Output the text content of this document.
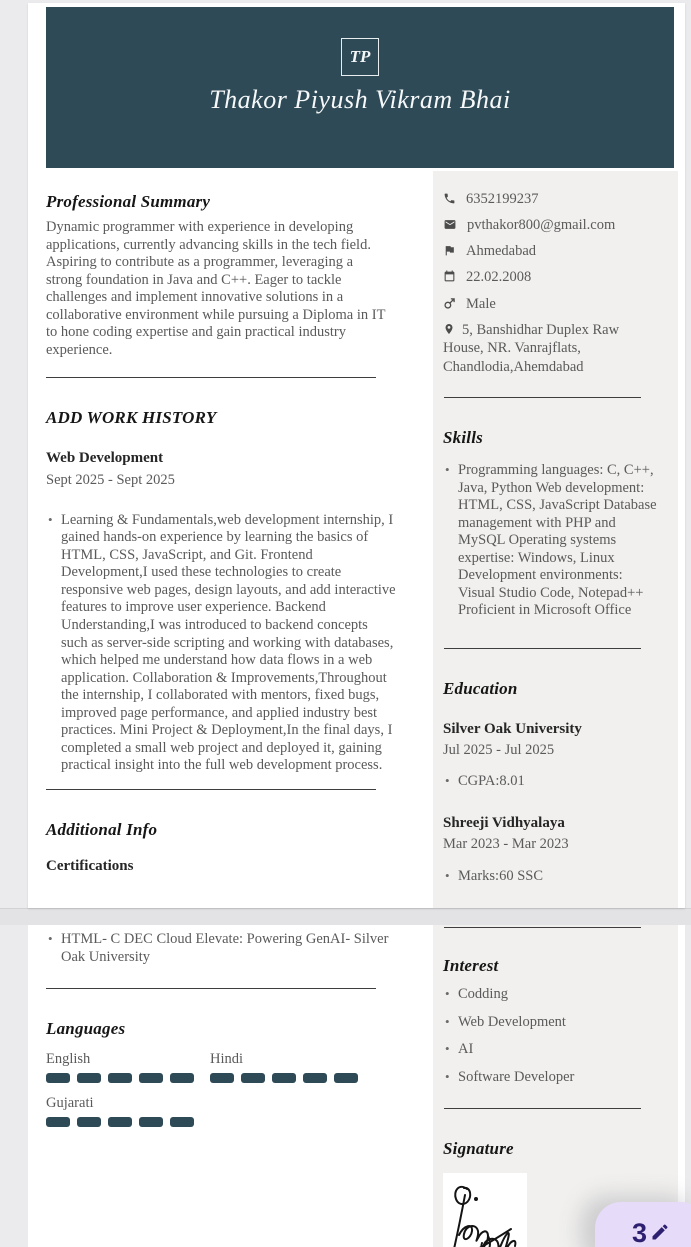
TP
Thakor Piyush Vikram Bhai
Professional Summary

Dynamic programmer with experience in developing applications, currently advancing skills in the tech field. Aspiring to contribute as a programmer, leveraging a strong foundation in Java and C++. Eager to tackle challenges and implement innovative solutions in a collaborative environment while pursuing a Diploma in IT to hone coding expertise and gain practical industry experience.

ADD WORK HISTORY
Web Development
Sept 2025 - Sept 2025
• Learning & Fundamentals,web development internship, I gained hands-on experience by learning the basics of HTML, CSS, JavaScript, and Git. Frontend Development,I used these technologies to create responsive web pages, design layouts, and add interactive features to improve user experience. Backend Understanding,I was introduced to backend concepts such as server-side scripting and working with databases, which helped me understand how data flows in a web application. Collaboration & Improvements,Throughout the internship, I collaborated with mentors, fixed bugs, improved page performance, and applied industry best practices. Mini Project & Deployment,In the final days, I completed a small web project and deployed it, gaining practical insight into the full web development process.
Additional Info
Certifications
6352199237
pvthakor800@gmail.com
Ahmedabad
22.02.2008
Male
5, Banshidhar Duplex Raw House, NR. Vanrajflats, Chandlodia,Ahemdabad
Skills
• Programming languages: C, C++, Java, Python Web development: HTML, CSS, JavaScript Database management with PHP and MySQL Operating systems expertise: Windows, Linux Development environments: Visual Studio Code, Notepad++ Proficient in Microsoft Office
Education
Silver Oak University
Jul 2025 - Jul 2025
• CGPA:8.01
Shreeji Vidhyalaya
Mar 2023 - Mar 2023
• Marks:60 SSC
• HTML- C DEC Cloud Elevate: Powering GenAI- Silver Oak University
Languages
English	Hindi
Gujarati
Interest
• Codding
• Web Development
• AI
• Software Developer
Signature
3
